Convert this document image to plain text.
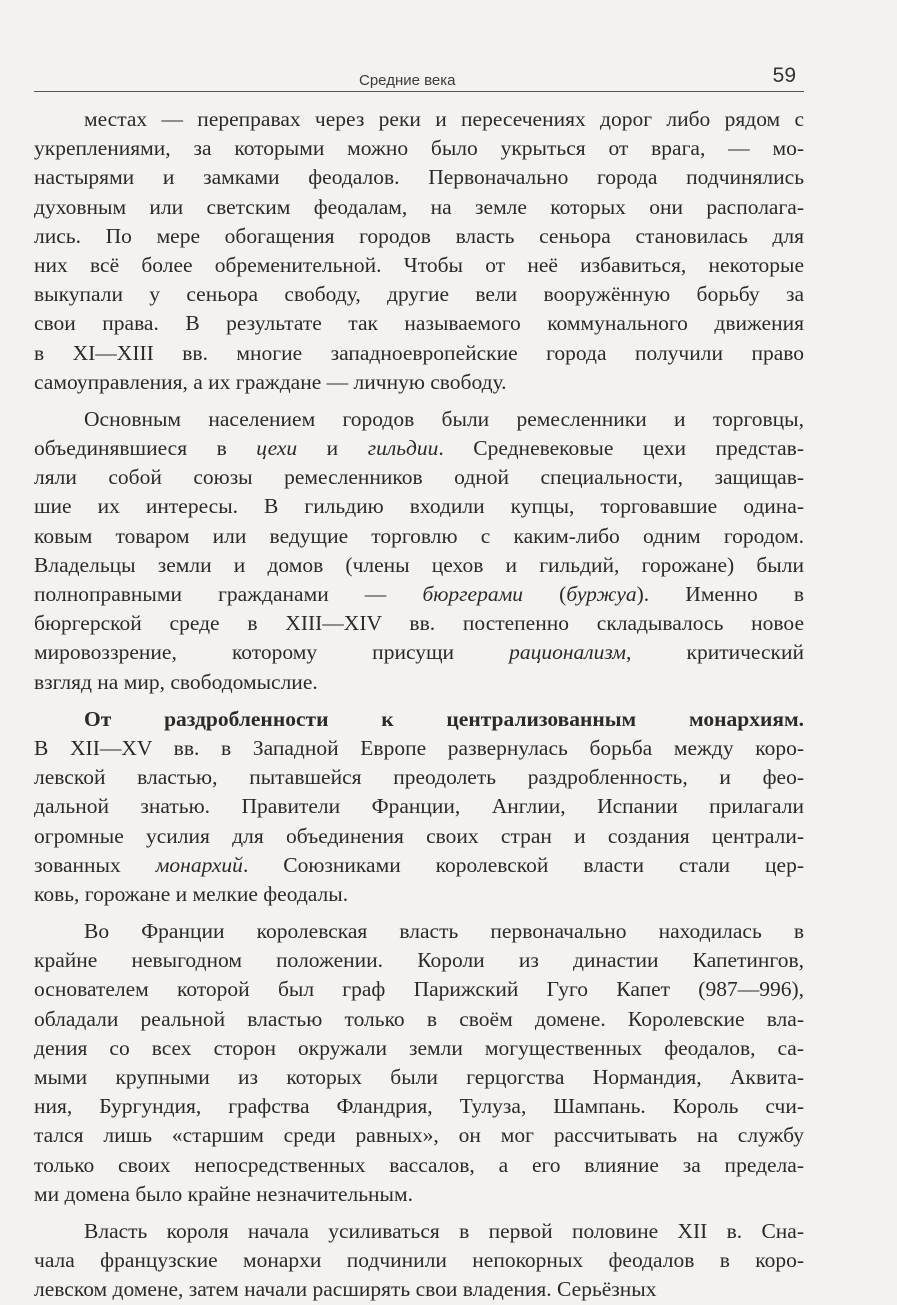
Средние века	59
местах — переправах через реки и пересечениях дорог либо рядом с
укреплениями, за которыми можно было укрыться от врага, — мо-
настырями и замками феодалов. Первоначально города подчинялись
духовным или светским феодалам, на земле которых они располага-
лись. По мере обогащения городов власть сеньора становилась для
них всё более обременительной. Чтобы от неё избавиться, некоторые
выкупали у сеньора свободу, другие вели вооружённую борьбу за
свои права. В результате так называемого коммунального движения
в XI—XIII вв. многие западноевропейские города получили право
самоуправления, а их граждане — личную свободу.
Основным населением городов были ремесленники и торговцы,
объединявшиеся в цехи и гильдии. Средневековые цехи представ-
ляли собой союзы ремесленников одной специальности, защищав-
шие их интересы. В гильдию входили купцы, торговавшие одина-
ковым товаром или ведущие торговлю с каким-либо одним городом.
Владельцы земли и домов (члены цехов и гильдий, горожане) были
полноправными гражданами — бюргерами (буржуа). Именно в
бюргерской среде в XIII—XIV вв. постепенно складывалось новое
мировоззрение, которому присущи рационализм, критический
взгляд на мир, свободомыслие.
От раздробленности к централизованным монархиям.
В XII—XV вв. в Западной Европе развернулась борьба между коро-
левской властью, пытавшейся преодолеть раздробленность, и фео-
дальной знатью. Правители Франции, Англии, Испании прилагали
огромные усилия для объединения своих стран и создания централи-
зованных монархий. Союзниками королевской власти стали цер-
ковь, горожане и мелкие феодалы.
Во Франции королевская власть первоначально находилась в
крайне невыгодном положении. Короли из династии Капетингов,
основателем которой был граф Парижский Гуго Капет (987—996),
обладали реальной властью только в своём домене. Королевские вла-
дения со всех сторон окружали земли могущественных феодалов, са-
мыми крупными из которых были герцогства Нормандия, Аквита-
ния, Бургундия, графства Фландрия, Тулуза, Шампань. Король счи-
тался лишь «старшим среди равных», он мог рассчитывать на службу
только своих непосредственных вассалов, а его влияние за предела-
ми домена было крайне незначительным.
Власть короля начала усиливаться в первой половине XII в. Сна-
чала французские монархи подчинили непокорных феодалов в коро-
левском домене, затем начали расширять свои владения. Серьёзных
